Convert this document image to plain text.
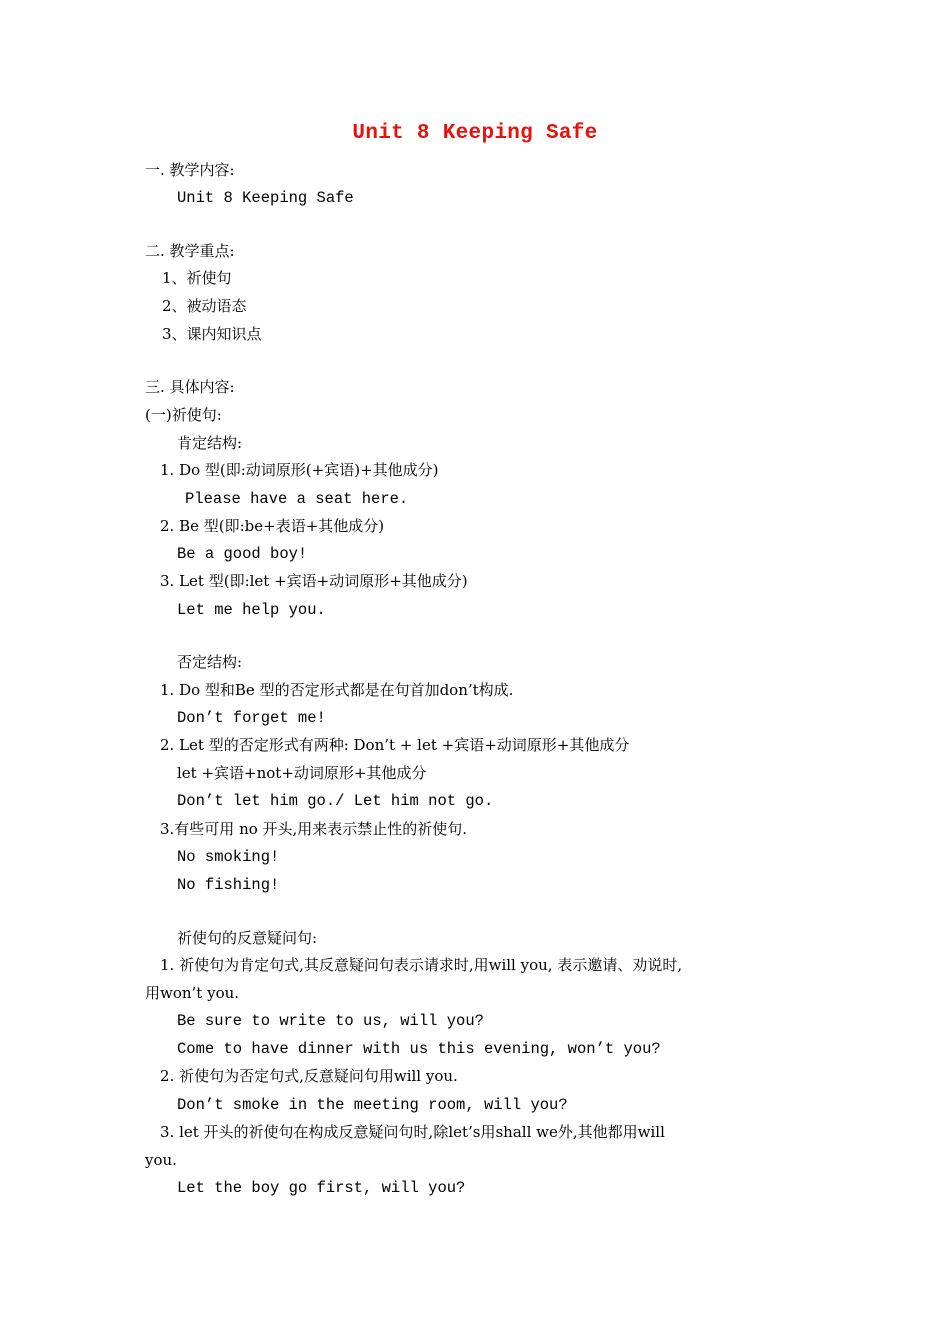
Unit 8 Keeping Safe
一. 教学内容:
Unit 8 Keeping Safe
二. 教学重点:
1、祈使句
2、被动语态
3、课内知识点
三. 具体内容:
(一)祈使句:
肯定结构:
1. Do 型(即:动词原形(+宾语)+其他成分)
Please have a seat here.
2. Be 型(即:be+表语+其他成分)
Be a good boy!
3. Let 型(即:let +宾语+动词原形+其他成分)
Let me help you.
否定结构:
1. Do 型和Be 型的否定形式都是在句首加don’t构成.
Don’t forget me!
2. Let 型的否定形式有两种: Don’t + let +宾语+动词原形+其他成分
let +宾语+not+动词原形+其他成分
Don’t let him go./ Let him not go.
3.有些可用 no 开头,用来表示禁止性的祈使句.
No smoking!
No fishing!
祈使句的反意疑问句:
1. 祈使句为肯定句式,其反意疑问句表示请求时,用will you, 表示邀请、劝说时,
用won’t you.
Be sure to write to us, will you?
Come to have dinner with us this evening, won’t you?
2. 祈使句为否定句式,反意疑问句用will you.
Don’t smoke in the meeting room, will you?
3. let 开头的祈使句在构成反意疑问句时,除let’s用shall we外,其他都用will
you.
Let the boy go first, will you?
